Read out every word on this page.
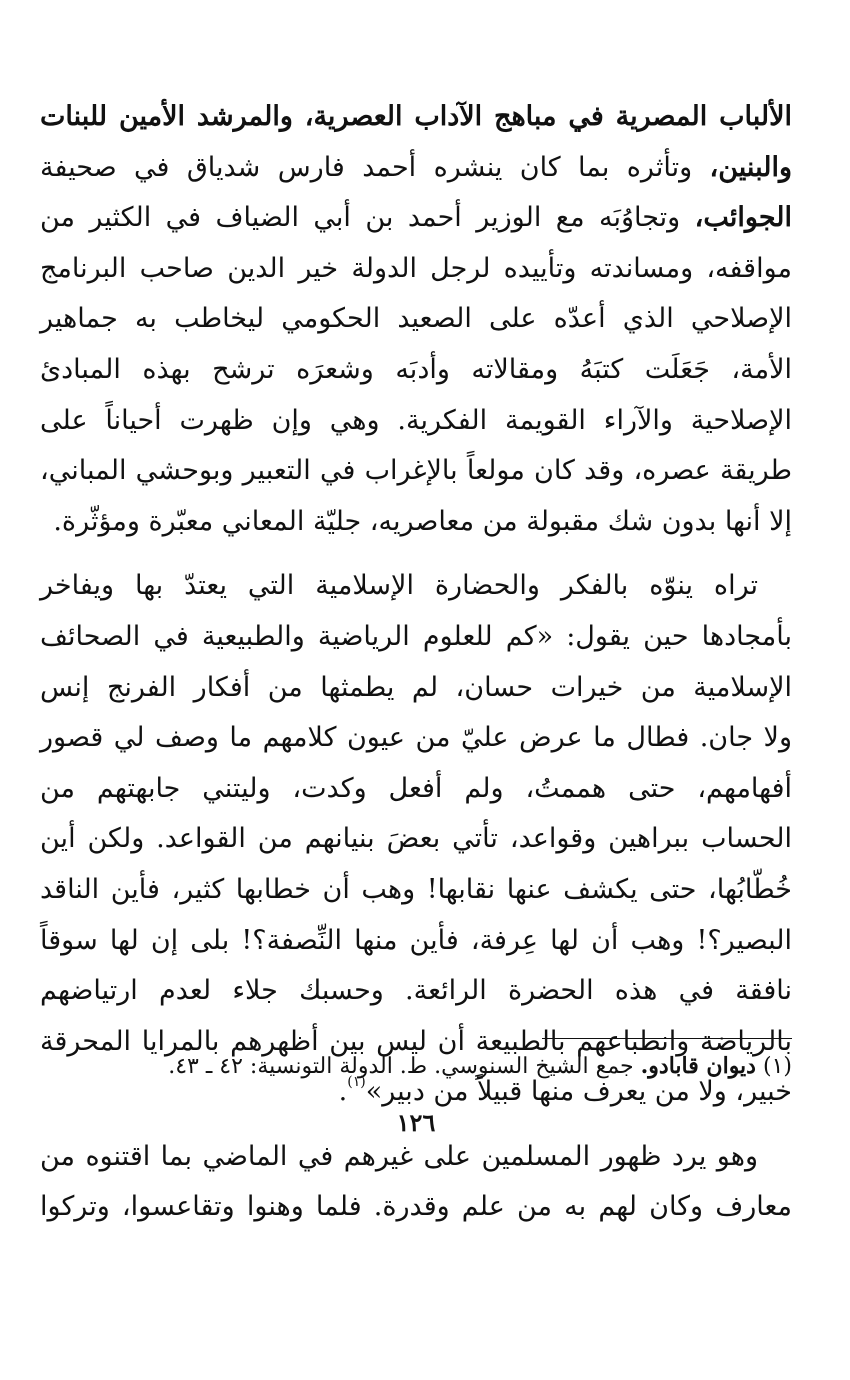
الألباب المصرية في مباهج الآداب العصرية، والمرشد الأمين للبنات
والبنين، وتأثره بما كان ينشره أحمد فارس شدياق في صحيفة
الجوائب، وتجاوُبَه مع الوزير أحمد بن أبي الضياف في الكثير من
مواقفه، ومساندته وتأييده لرجل الدولة خير الدين صاحب البرنامج
الإصلاحي الذي أعدّه على الصعيد الحكومي ليخاطب به جماهير
الأمة، جَعَلَت كتبَهُ ومقالاته وأدبَه وشعرَه ترشح بهذه المبادئ
الإصلاحية والآراء القويمة الفكرية. وهي وإن ظهرت أحياناً على
طريقة عصره، وقد كان مولعاً بالإغراب في التعبير وبوحشي المباني،
إلا أنها بدون شك مقبولة من معاصريه، جليّة المعاني معبّرة ومؤثّرة.

تراه ينوّه بالفكر والحضارة الإسلامية التي يعتدّ بها ويفاخر
بأمجادها حين يقول: «كم للعلوم الرياضية والطبيعية في الصحائف
الإسلامية من خيرات حسان، لم يطمثها من أفكار الفرنج إنس
ولا جان. فطال ما عرض عليّ من عيون كلامهم ما وصف لي قصور
أفهامهم، حتى هممتُ، ولم أفعل وكدت، وليتني جابهتهم من
الحساب ببراهين وقواعد، تأتي بعضَ بنيانهم من القواعد. ولكن أين
خُطّابُها، حتى يكشف عنها نقابها! وهب أن خطابها كثير، فأين الناقد
البصير؟! وهب أن لها عِرفة، فأين منها النِّصفة؟! بلى إن لها سوقاً
نافقة في هذه الحضرة الرائعة. وحسبك جلاء لعدم ارتياضهم
بالرياضة وانطباعهم بالطبيعة أن ليس بين أظهرهم بالمرايا المحرقة
خبير، ولا من يعرف منها قبيلاً من دبير»$^{(١)}$.

وهو يرد ظهور المسلمين على غيرهم في الماضي بما اقتنوه من
معارف وكان لهم به من علم وقدرة. فلما وهنوا وتقاعسوا، وتركوا

(١) ديوان قابادو. جمع الشيخ السنوسي. ط. الدولة التونسية: ٤٢ ـ ٤٣.
١٢٦
